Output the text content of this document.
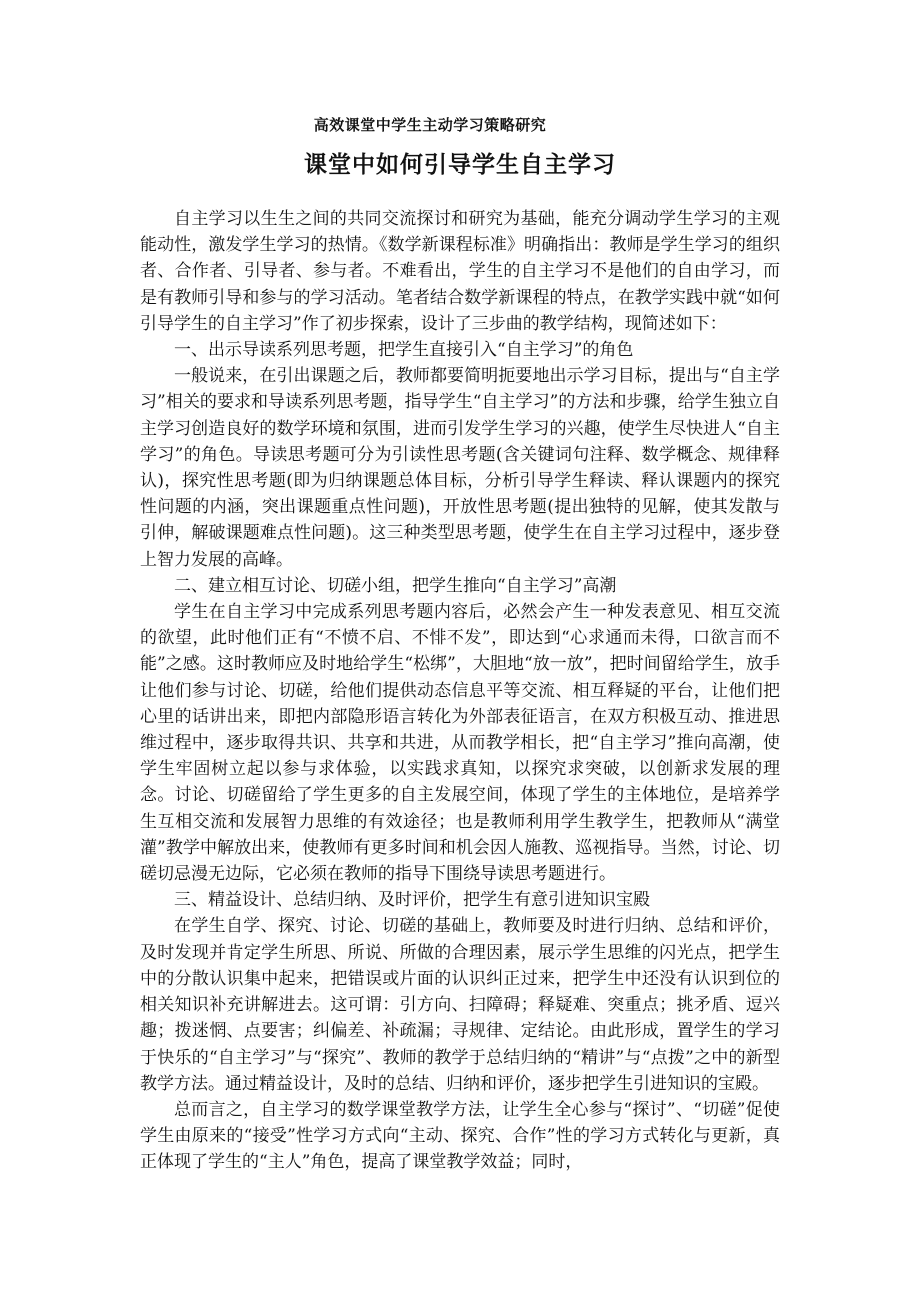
高效课堂中学生主动学习策略研究
课堂中如何引导学生自主学习

自主学习以生生之间的共同交流探讨和研究为基础，能充分调动学生学习的主观能动性，激发学生学习的热情。《数学新课程标准》明确指出：教师是学生学习的组织者、合作者、引导者、参与者。不难看出，学生的自主学习不是他们的自由学习，而是有教师引导和参与的学习活动。笔者结合数学新课程的特点，在教学实践中就“如何引导学生的自主学习”作了初步探索，设计了三步曲的教学结构，现简述如下：

一、出示导读系列思考题，把学生直接引入“自主学习”的角色

一般说来，在引出课题之后，教师都要简明扼要地出示学习目标，提出与“自主学习”相关的要求和导读系列思考题，指导学生“自主学习”的方法和步骤，给学生独立自主学习创造良好的数学环境和氛围，进而引发学生学习的兴趣，使学生尽快进人“自主学习”的角色。导读思考题可分为引读性思考题(含关键词句注释、数学概念、规律释认)，探究性思考题(即为归纳课题总体目标，分析引导学生释读、释认课题内的探究性问题的内涵，突出课题重点性问题)，开放性思考题(提出独特的见解，使其发散与引伸，解破课题难点性问题)。这三种类型思考题，使学生在自主学习过程中，逐步登上智力发展的高峰。

二、建立相互讨论、切磋小组，把学生推向“自主学习”高潮

学生在自主学习中完成系列思考题内容后，必然会产生一种发表意见、相互交流的欲望，此时他们正有“不愤不启、不悱不发”，即达到“心求通而未得，口欲言而不能”之感。这时教师应及时地给学生“松绑”，大胆地“放一放”，把时间留给学生，放手让他们参与讨论、切磋，给他们提供动态信息平等交流、相互释疑的平台，让他们把心里的话讲出来，即把内部隐形语言转化为外部表征语言，在双方积极互动、推进思维过程中，逐步取得共识、共享和共进，从而教学相长，把“自主学习”推向高潮，使学生牢固树立起以参与求体验，以实践求真知，以探究求突破，以创新求发展的理念。讨论、切磋留给了学生更多的自主发展空间，体现了学生的主体地位，是培养学生互相交流和发展智力思维的有效途径；也是教师利用学生教学生，把教师从“满堂灌”教学中解放出来，使教师有更多时间和机会因人施教、巡视指导。当然，讨论、切磋切忌漫无边际，它必须在教师的指导下围绕导读思考题进行。

三、精益设计、总结归纳、及时评价，把学生有意引进知识宝殿

在学生自学、探究、讨论、切磋的基础上，教师要及时进行归纳、总结和评价，及时发现并肯定学生所思、所说、所做的合理因素，展示学生思维的闪光点，把学生中的分散认识集中起来，把错误或片面的认识纠正过来，把学生中还没有认识到位的相关知识补充讲解进去。这可谓：引方向、扫障碍；释疑难、突重点；挑矛盾、逗兴趣；拨迷惘、点要害；纠偏差、补疏漏；寻规律、定结论。由此形成，置学生的学习于快乐的“自主学习”与“探究”、教师的教学于总结归纳的“精讲”与“点拨”之中的新型教学方法。通过精益设计，及时的总结、归纳和评价，逐步把学生引进知识的宝殿。

总而言之，自主学习的数学课堂教学方法，让学生全心参与“探讨”、“切磋”促使学生由原来的“接受”性学习方式向“主动、探究、合作”性的学习方式转化与更新，真正体现了学生的“主人”角色，提高了课堂教学效益；同时，
